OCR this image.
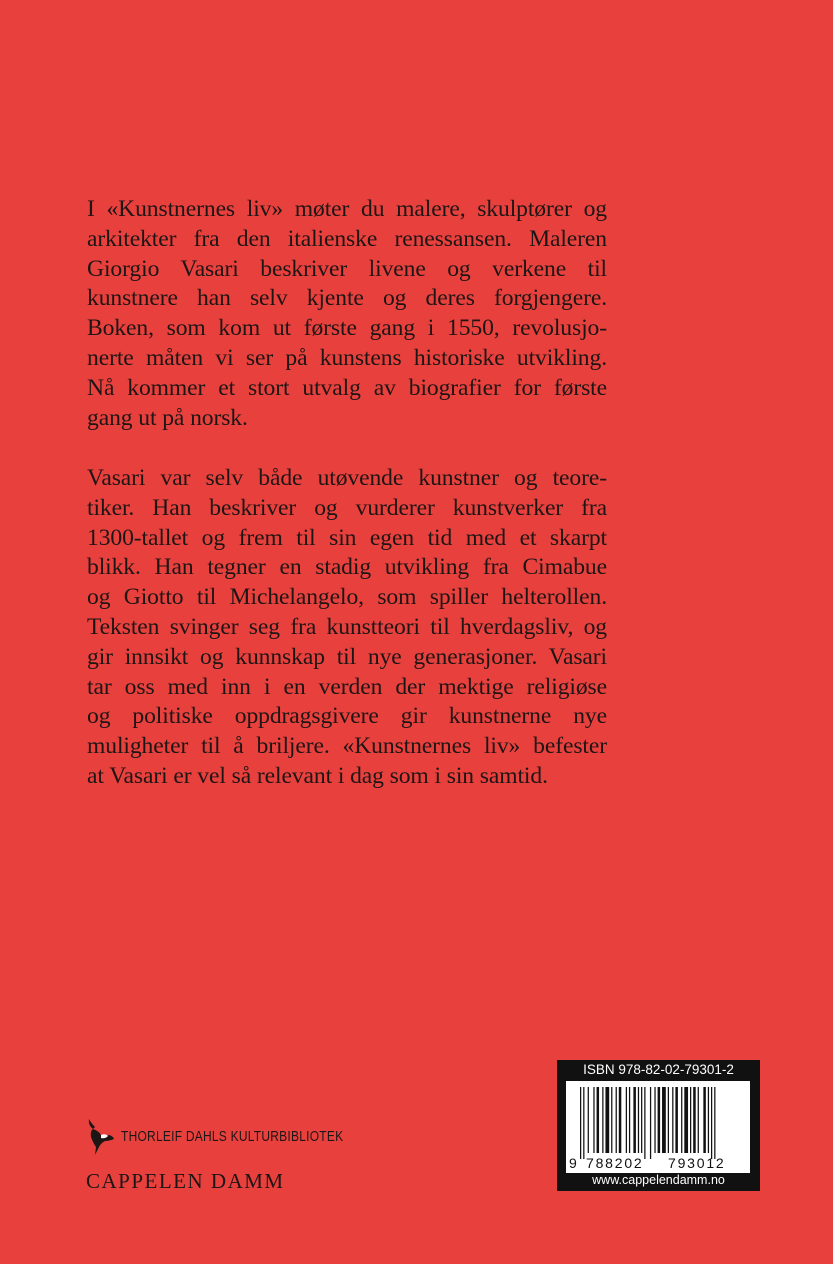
I «Kunstnernes liv» møter du malere, skulptører og
arkitekter fra den italienske renessansen. Maleren
Giorgio Vasari beskriver livene og verkene til
kunstnere han selv kjente og deres forgjengere.
Boken, som kom ut første gang i 1550, revolusjo-
nerte måten vi ser på kunstens historiske utvikling.
Nå kommer et stort utvalg av biografier for første
gang ut på norsk.
Vasari var selv både utøvende kunstner og teore-
tiker. Han beskriver og vurderer kunstverker fra
1300-tallet og frem til sin egen tid med et skarpt
blikk. Han tegner en stadig utvikling fra Cimabue
og Giotto til Michelangelo, som spiller helterollen.
Teksten svinger seg fra kunstteori til hverdagsliv, og
gir innsikt og kunnskap til nye generasjoner. Vasari
tar oss med inn i en verden der mektige religiøse
og politiske oppdragsgivere gir kunstnerne nye
muligheter til å briljere. «Kunstnernes liv» befester
at Vasari er vel så relevant i dag som i sin samtid.
THORLEIF DAHLS KULTURBIBLIOTEK
CAPPELEN DAMM
ISBN 978-82-02-79301-2
9 788202 793012
www.cappelendamm.no
